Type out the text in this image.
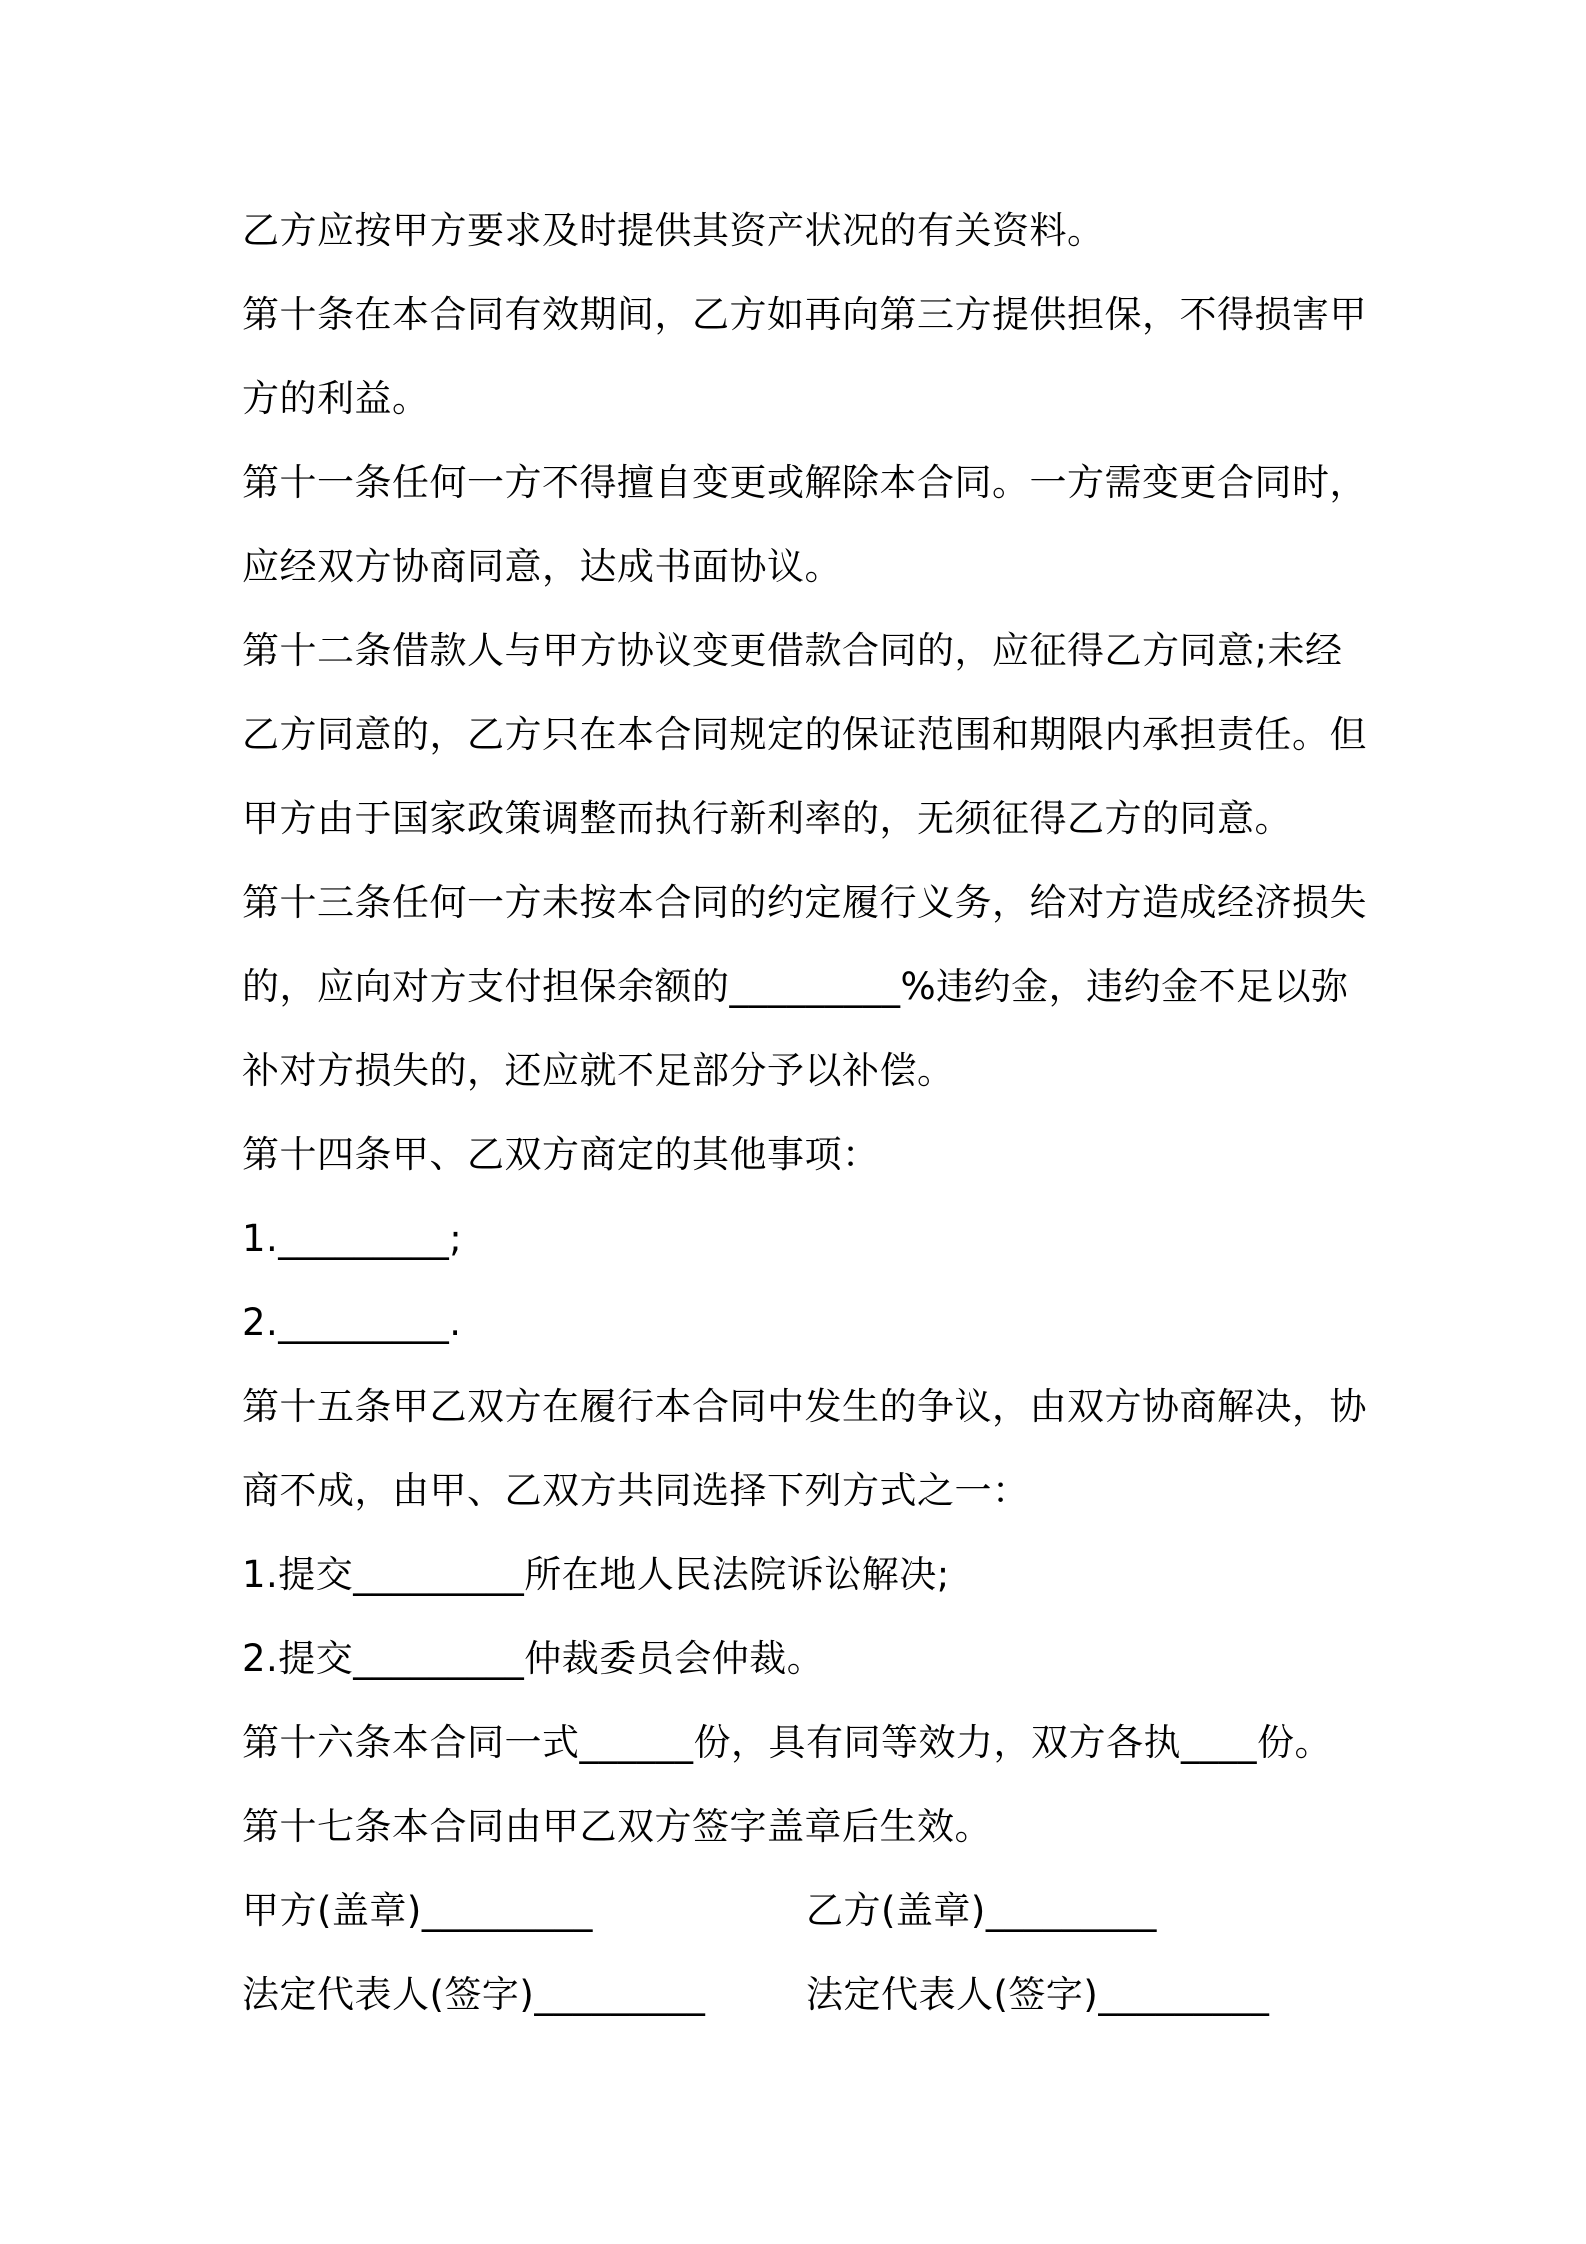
乙方应按甲方要求及时提供其资产状况的有关资料。
第十条在本合同有效期间，乙方如再向第三方提供担保，不得损害甲
方的利益。
第十一条任何一方不得擅自变更或解除本合同。一方需变更合同时，
应经双方协商同意，达成书面协议。
第十二条借款人与甲方协议变更借款合同的，应征得乙方同意;未经
乙方同意的，乙方只在本合同规定的保证范围和期限内承担责任。但
甲方由于国家政策调整而执行新利率的，无须征得乙方的同意。
第十三条任何一方未按本合同的约定履行义务，给对方造成经济损失
的，应向对方支付担保余额的_________%违约金，违约金不足以弥
补对方损失的，还应就不足部分予以补偿。
第十四条甲、乙双方商定的其他事项：
1._________;
2._________.
第十五条甲乙双方在履行本合同中发生的争议，由双方协商解决，协
商不成，由甲、乙双方共同选择下列方式之一：
1.提交_________所在地人民法院诉讼解决;
2.提交_________仲裁委员会仲裁。
第十六条本合同一式______份，具有同等效力，双方各执____份。
第十七条本合同由甲乙双方签字盖章后生效。
甲方(盖章)_________	乙方(盖章)_________
法定代表人(签字)_________	法定代表人(签字)_________
